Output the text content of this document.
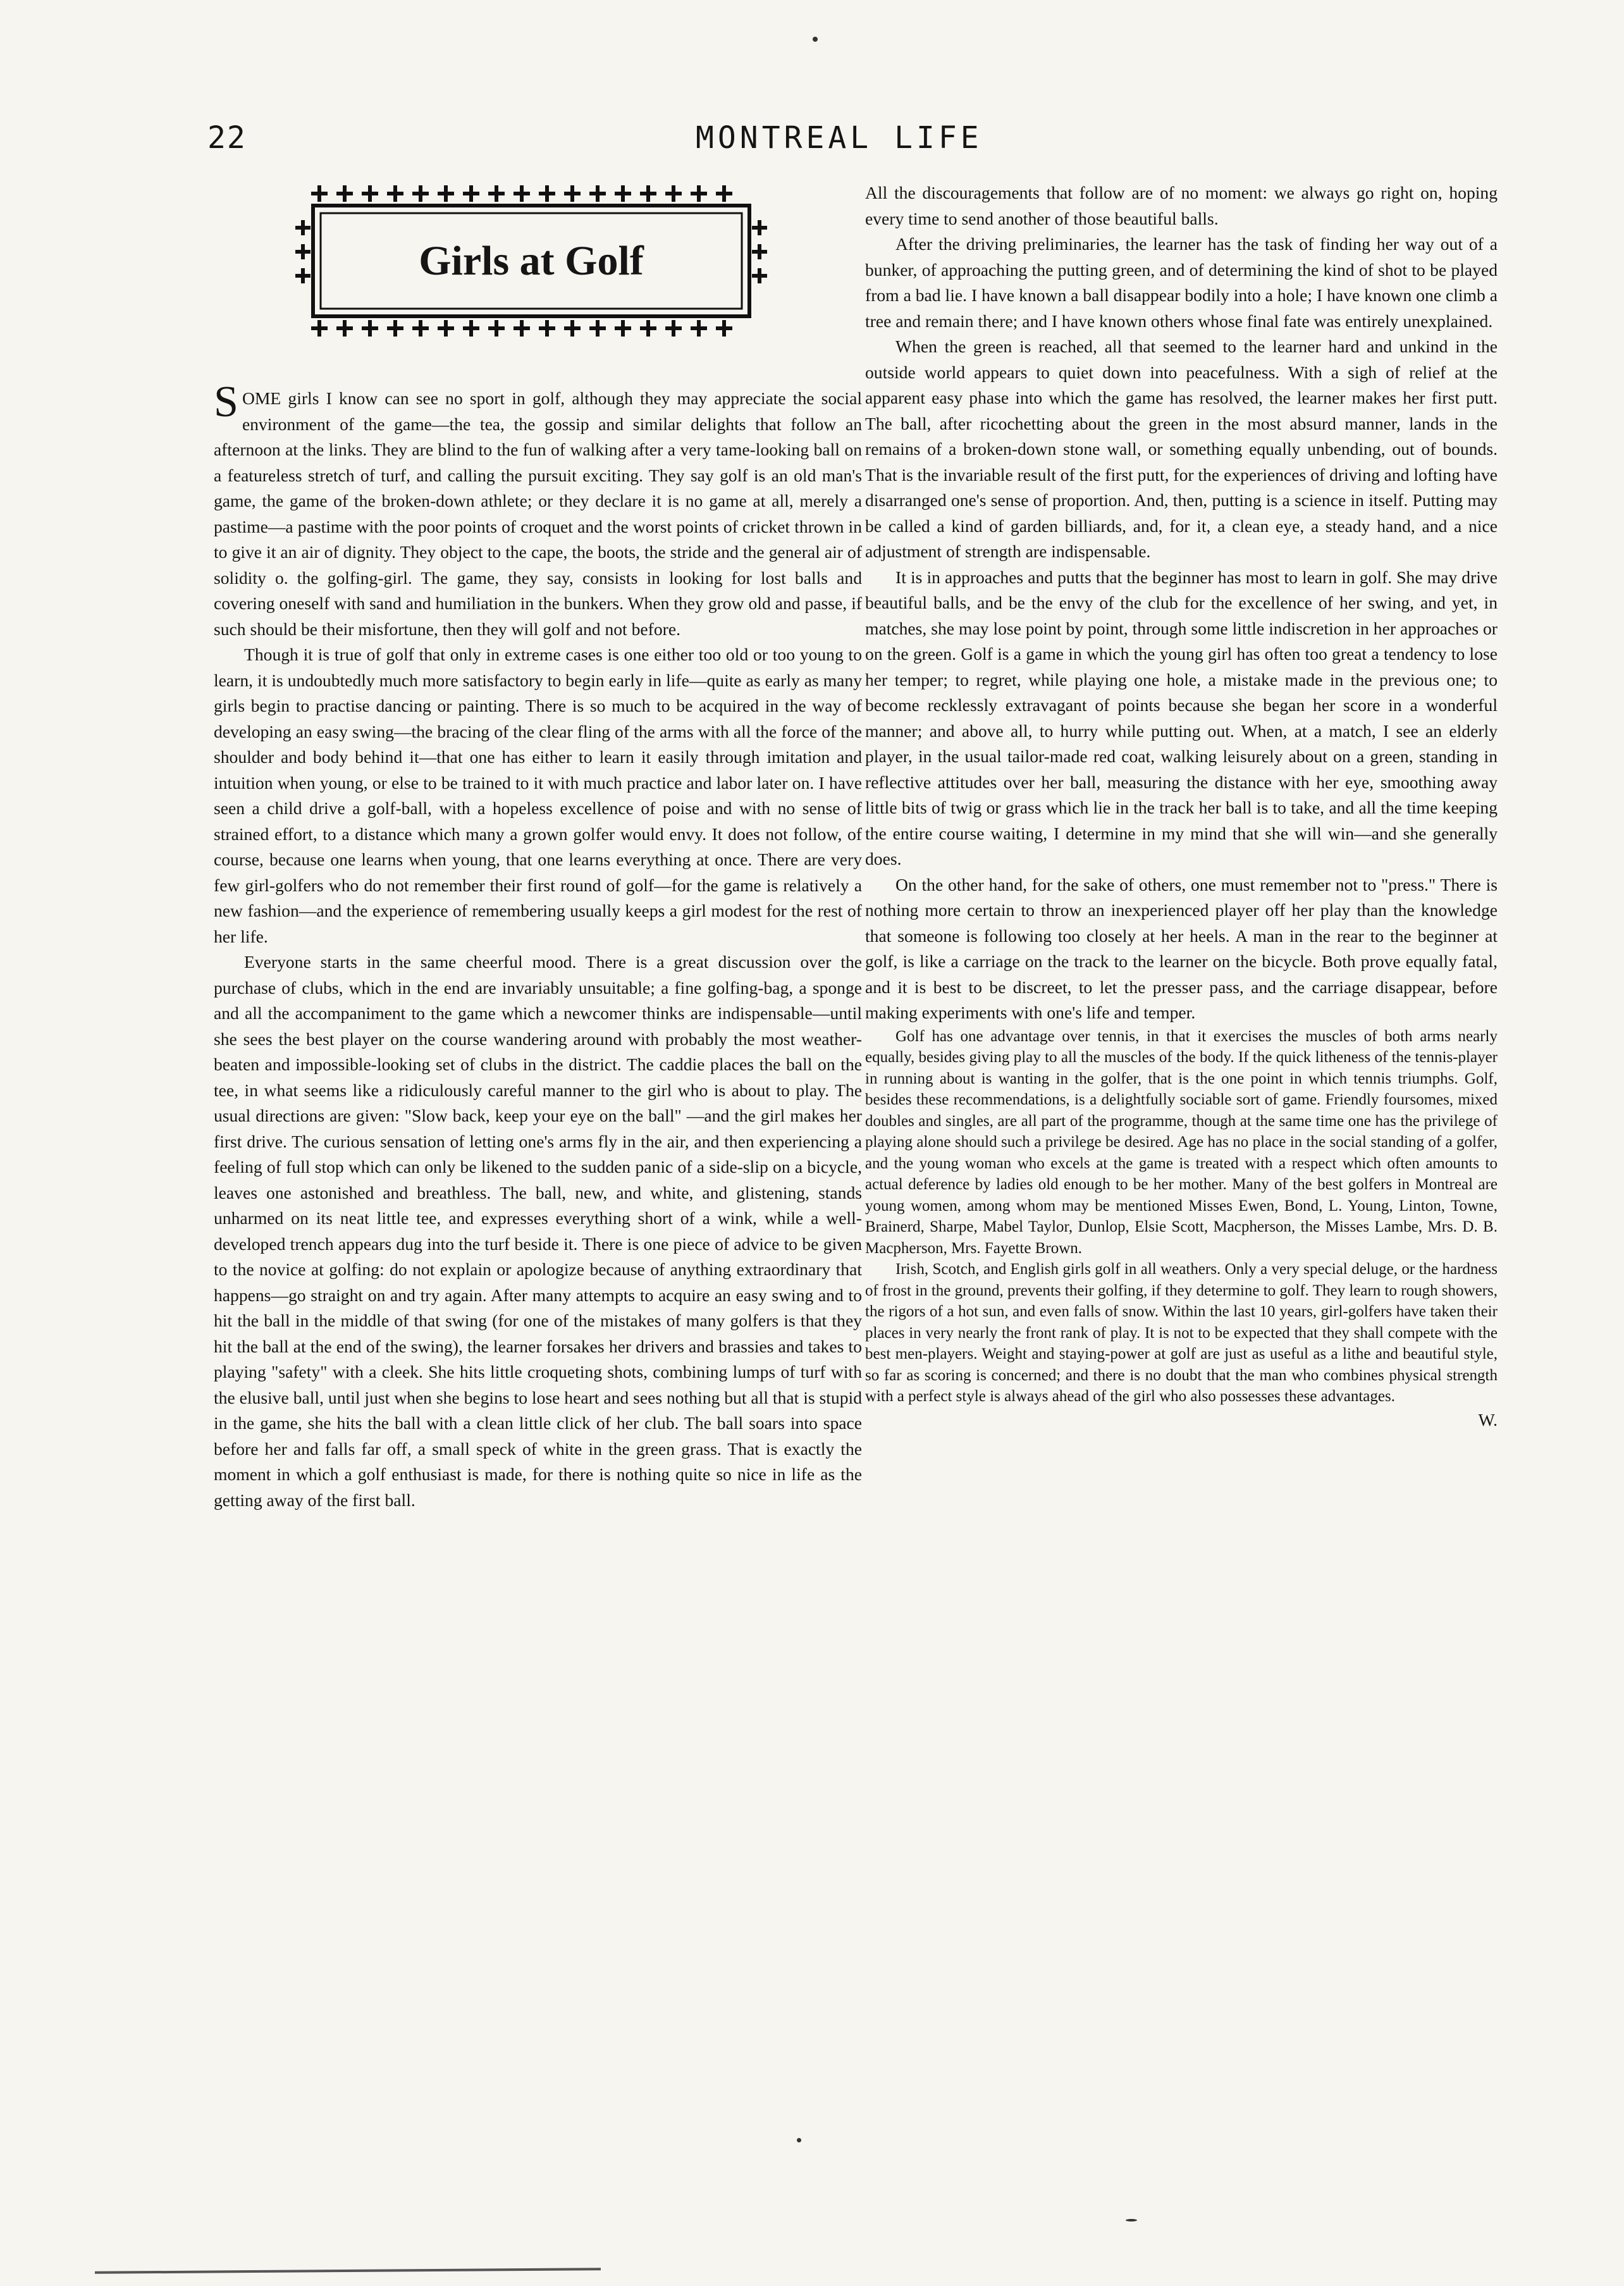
22	MONTREAL LIFE
Girls at Golf

SOME girls I know can see no sport in golf, although they may appreciate the social environment of the game—the tea, the gossip and similar delights that follow an afternoon at the links. They are blind to the fun of walking after a very tame-looking ball on a featureless stretch of turf, and calling the pursuit exciting. They say golf is an old man's game, the game of the broken-down athlete; or they declare it is no game at all, merely a pastime—a pastime with the poor points of croquet and the worst points of cricket thrown in to give it an air of dignity. They object to the cape, the boots, the stride and the general air of solidity o. the golfing-girl. The game, they say, consists in looking for lost balls and covering oneself with sand and humiliation in the bunkers. When they grow old and passe, if such should be their misfortune, then they will golf and not before.

Though it is true of golf that only in extreme cases is one either too old or too young to learn, it is undoubtedly much more satisfactory to begin early in life—quite as early as many girls begin to practise dancing or painting. There is so much to be acquired in the way of developing an easy swing—the bracing of the clear fling of the arms with all the force of the shoulder and body behind it—that one has either to learn it easily through imitation and intuition when young, or else to be trained to it with much practice and labor later on. I have seen a child drive a golf-ball, with a hopeless excellence of poise and with no sense of strained effort, to a distance which many a grown golfer would envy. It does not follow, of course, because one learns when young, that one learns everything at once. There are very few girl-golfers who do not remember their first round of golf—for the game is relatively a new fashion—and the experience of remembering usually keeps a girl modest for the rest of her life.

Everyone starts in the same cheerful mood. There is a great discussion over the purchase of clubs, which in the end are invariably unsuitable; a fine golfing-bag, a sponge and all the accompaniment to the game which a newcomer thinks are indispensable—until she sees the best player on the course wandering around with probably the most weather-beaten and impossible-looking set of clubs in the district. The caddie places the ball on the tee, in what seems like a ridiculously careful manner to the girl who is about to play. The usual directions are given: "Slow back, keep your eye on the ball" —and the girl makes her first drive. The curious sensation of letting one's arms fly in the air, and then experiencing a feeling of full stop which can only be likened to the sudden panic of a side-slip on a bicycle, leaves one astonished and breathless. The ball, new, and white, and glistening, stands unharmed on its neat little tee, and expresses everything short of a wink, while a well-developed trench appears dug into the turf beside it. There is one piece of advice to be given to the novice at golfing: do not explain or apologize because of anything extraordinary that happens—go straight on and try again. After many attempts to acquire an easy swing and to hit the ball in the middle of that swing (for one of the mistakes of many golfers is that they hit the ball at the end of the swing), the learner forsakes her drivers and brassies and takes to playing "safety" with a cleek. She hits little croqueting shots, combining lumps of turf with the elusive ball, until just when she begins to lose heart and sees nothing but all that is stupid in the game, she hits the ball with a clean little click of her club. The ball soars into space before her and falls far off, a small speck of white in the green grass. That is exactly the moment in which a golf enthusiast is made, for there is nothing quite so nice in life as the getting away of the first ball.

All the discouragements that follow are of no moment: we always go right on, hoping every time to send another of those beautiful balls.

After the driving preliminaries, the learner has the task of finding her way out of a bunker, of approaching the putting green, and of determining the kind of shot to be played from a bad lie. I have known a ball disappear bodily into a hole; I have known one climb a tree and remain there; and I have known others whose final fate was entirely unexplained.

When the green is reached, all that seemed to the learner hard and unkind in the outside world appears to quiet down into peacefulness. With a sigh of relief at the apparent easy phase into which the game has resolved, the learner makes her first putt. The ball, after ricochetting about the green in the most absurd manner, lands in the remains of a broken-down stone wall, or something equally unbending, out of bounds. That is the invariable result of the first putt, for the experiences of driving and lofting have disarranged one's sense of proportion. And, then, putting is a science in itself. Putting may be called a kind of garden billiards, and, for it, a clean eye, a steady hand, and a nice adjustment of strength are indispensable.

It is in approaches and putts that the beginner has most to learn in golf. She may drive beautiful balls, and be the envy of the club for the excellence of her swing, and yet, in matches, she may lose point by point, through some little indiscretion in her approaches or on the green. Golf is a game in which the young girl has often too great a tendency to lose her temper; to regret, while playing one hole, a mistake made in the previous one; to become recklessly extravagant of points because she began her score in a wonderful manner; and above all, to hurry while putting out. When, at a match, I see an elderly player, in the usual tailor-made red coat, walking leisurely about on a green, standing in reflective attitudes over her ball, measuring the distance with her eye, smoothing away little bits of twig or grass which lie in the track her ball is to take, and all the time keeping the entire course waiting, I determine in my mind that she will win—and she generally does.

On the other hand, for the sake of others, one must remember not to "press." There is nothing more certain to throw an inexperienced player off her play than the knowledge that someone is following too closely at her heels. A man in the rear to the beginner at golf, is like a carriage on the track to the learner on the bicycle. Both prove equally fatal, and it is best to be discreet, to let the presser pass, and the carriage disappear, before making experiments with one's life and temper.

Golf has one advantage over tennis, in that it exercises the muscles of both arms nearly equally, besides giving play to all the muscles of the body. If the quick litheness of the tennis-player in running about is wanting in the golfer, that is the one point in which tennis triumphs. Golf, besides these recommendations, is a delightfully sociable sort of game. Friendly foursomes, mixed doubles and singles, are all part of the programme, though at the same time one has the privilege of playing alone should such a privilege be desired. Age has no place in the social standing of a golfer, and the young woman who excels at the game is treated with a respect which often amounts to actual deference by ladies old enough to be her mother. Many of the best golfers in Montreal are young women, among whom may be mentioned Misses Ewen, Bond, L. Young, Linton, Towne, Brainerd, Sharpe, Mabel Taylor, Dunlop, Elsie Scott, Macpherson, the Misses Lambe, Mrs. D. B. Macpherson, Mrs. Fayette Brown.

Irish, Scotch, and English girls golf in all weathers. Only a very special deluge, or the hardness of frost in the ground, prevents their golfing, if they determine to golf. They learn to rough showers, the rigors of a hot sun, and even falls of snow. Within the last 10 years, girl-golfers have taken their places in very nearly the front rank of play. It is not to be expected that they shall compete with the best men-players. Weight and staying-power at golf are just as useful as a lithe and beautiful style, so far as scoring is concerned; and there is no doubt that the man who combines physical strength with a perfect style is always ahead of the girl who also possesses these advantages.

W.
